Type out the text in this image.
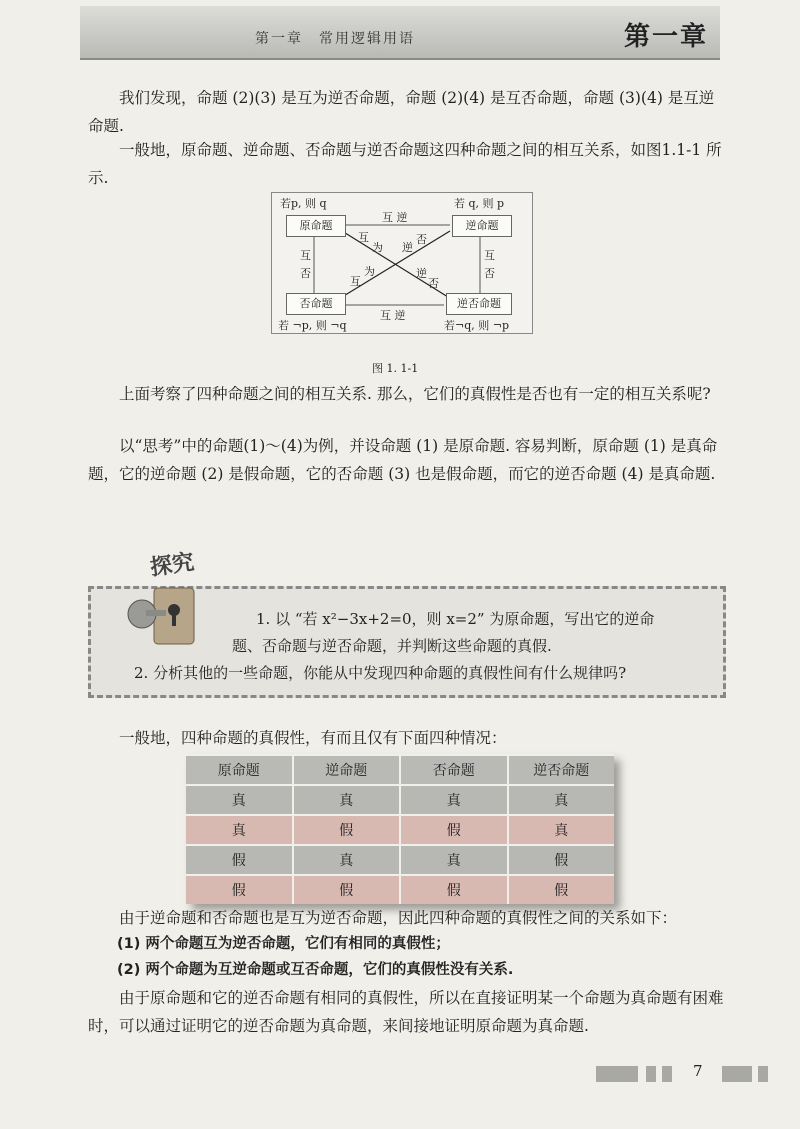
第一章　常用逻辑用语	第一章
我们发现，命题 (2)(3) 是互为逆否命题，命题 (2)(4) 是互否命题，命题 (3)(4) 是互逆命题.
一般地，原命题、逆命题、否命题与逆否命题这四种命题之间的相互关系，如图1.1-1 所示.
若p, 则 q	若 q, 则 p
原命题	逆命题
否命题	逆否命题
互 逆
互 逆
互
否
互
否
互
为 逆
否
互
为	逆
否
若 ¬p, 则 ¬q	若¬q, 则 ¬p
图 1. 1-1
上面考察了四种命题之间的相互关系. 那么，它们的真假性是否也有一定的相互关系呢?
以“思考”中的命题(1)～(4)为例，并设命题 (1) 是原命题. 容易判断，原命题 (1) 是真命题，它的逆命题 (2) 是假命题，它的否命题 (3) 也是假命题，而它的逆否命题 (4) 是真命题.
探究
1. 以 “若 x²−3x+2=0，则 x=2” 为原命题，写出它的逆命
题、否命题与逆否命题，并判断这些命题的真假.
2. 分析其他的一些命题，你能从中发现四种命题的真假性间有什么规律吗?
一般地，四种命题的真假性，有而且仅有下面四种情况：
原命题	逆命题	否命题	逆否命题
真	真	真	真
真	假	假	真
假	真	真	假
假	假	假	假
由于逆命题和否命题也是互为逆否命题，因此四种命题的真假性之间的关系如下：
(1) 两个命题互为逆否命题，它们有相同的真假性；
(2) 两个命题为互逆命题或互否命题，它们的真假性没有关系.
由于原命题和它的逆否命题有相同的真假性，所以在直接证明某一个命题为真命题有困难时，可以通过证明它的逆否命题为真命题，来间接地证明原命题为真命题.
7
